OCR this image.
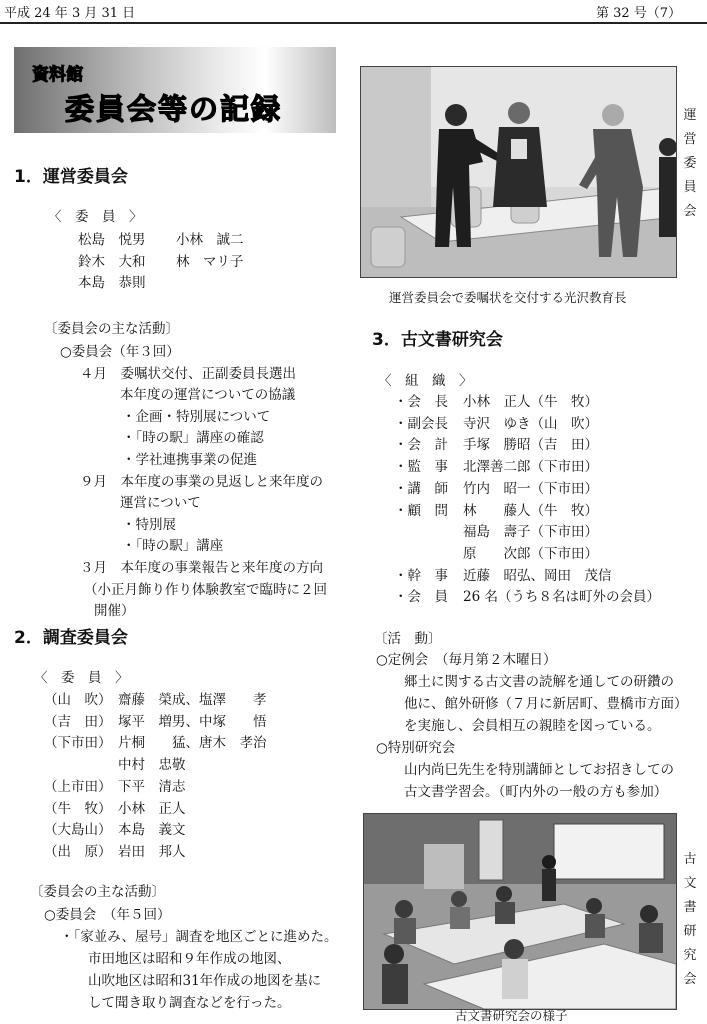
平成 24 年 3 月 31 日	第 32 号（7）
資料館
委員会等の記録
1．運営委員会
〈　委　員　〉
松島　悦男 小林　誠二
鈴木　大和 林　マリ子
本島　恭則
〔委員会の主な活動〕
○委員会（年３回）
４月　委嘱状交付、正副委員長選出
本年度の運営についての協議
・企画・特別展について
・「時の駅」講座の確認
・学社連携事業の促進
９月　本年度の事業の見返しと来年度の
運営について
・特別展
・「時の駅」講座
３月　本年度の事業報告と来年度の方向
（小正月飾り作り体験教室で臨時に２回
開催）
2．調査委員会
〈　委　員　〉
（山　吹） 齋藤　榮成、塩澤　　孝
（吉　田） 塚平　増男、中塚　　悟
（下市田） 片桐　　猛、唐木　孝治
中村　忠敬
（上市田） 下平　清志
（牛　牧） 小林　正人
（大島山） 本島　義文
（出　原） 岩田　邦人
〔委員会の主な活動〕
○委員会　（年５回）
・「家並み、屋号」調査を地区ごとに進めた。
市田地区は昭和９年作成の地図、
山吹地区は昭和31年作成の地図を基に
して聞き取り調査などを行った。
運営委員会
運営委員会で委嘱状を交付する光沢教育長
3．古文書研究会
〈　組　織　〉
・会　長 小林　正人（牛　牧）
・副会長 寺沢　ゆき（山　吹）
・会　計 手塚　勝昭（吉　田）
・監　事 北澤善二郎（下市田）
・講　師 竹内　昭一（下市田）
・顧　問 林　　藤人（牛　牧）
福島　壽子（下市田）
原　　次郎（下市田）
・幹　事 近藤　昭弘、岡田　茂信
・会　員 26 名（うち８名は町外の会員）
〔活　動〕
○定例会　（毎月第２木曜日）
郷土に関する古文書の読解を通しての研鑽の
他に、館外研修（７月に新居町、豊橋市方面）
を実施し、会員相互の親睦を図っている。
○特別研究会
山内尚巳先生を特別講師としてお招きしての
古文書学習会。（町内外の一般の方も参加）
古文書研究会
古文書研究会の様子
